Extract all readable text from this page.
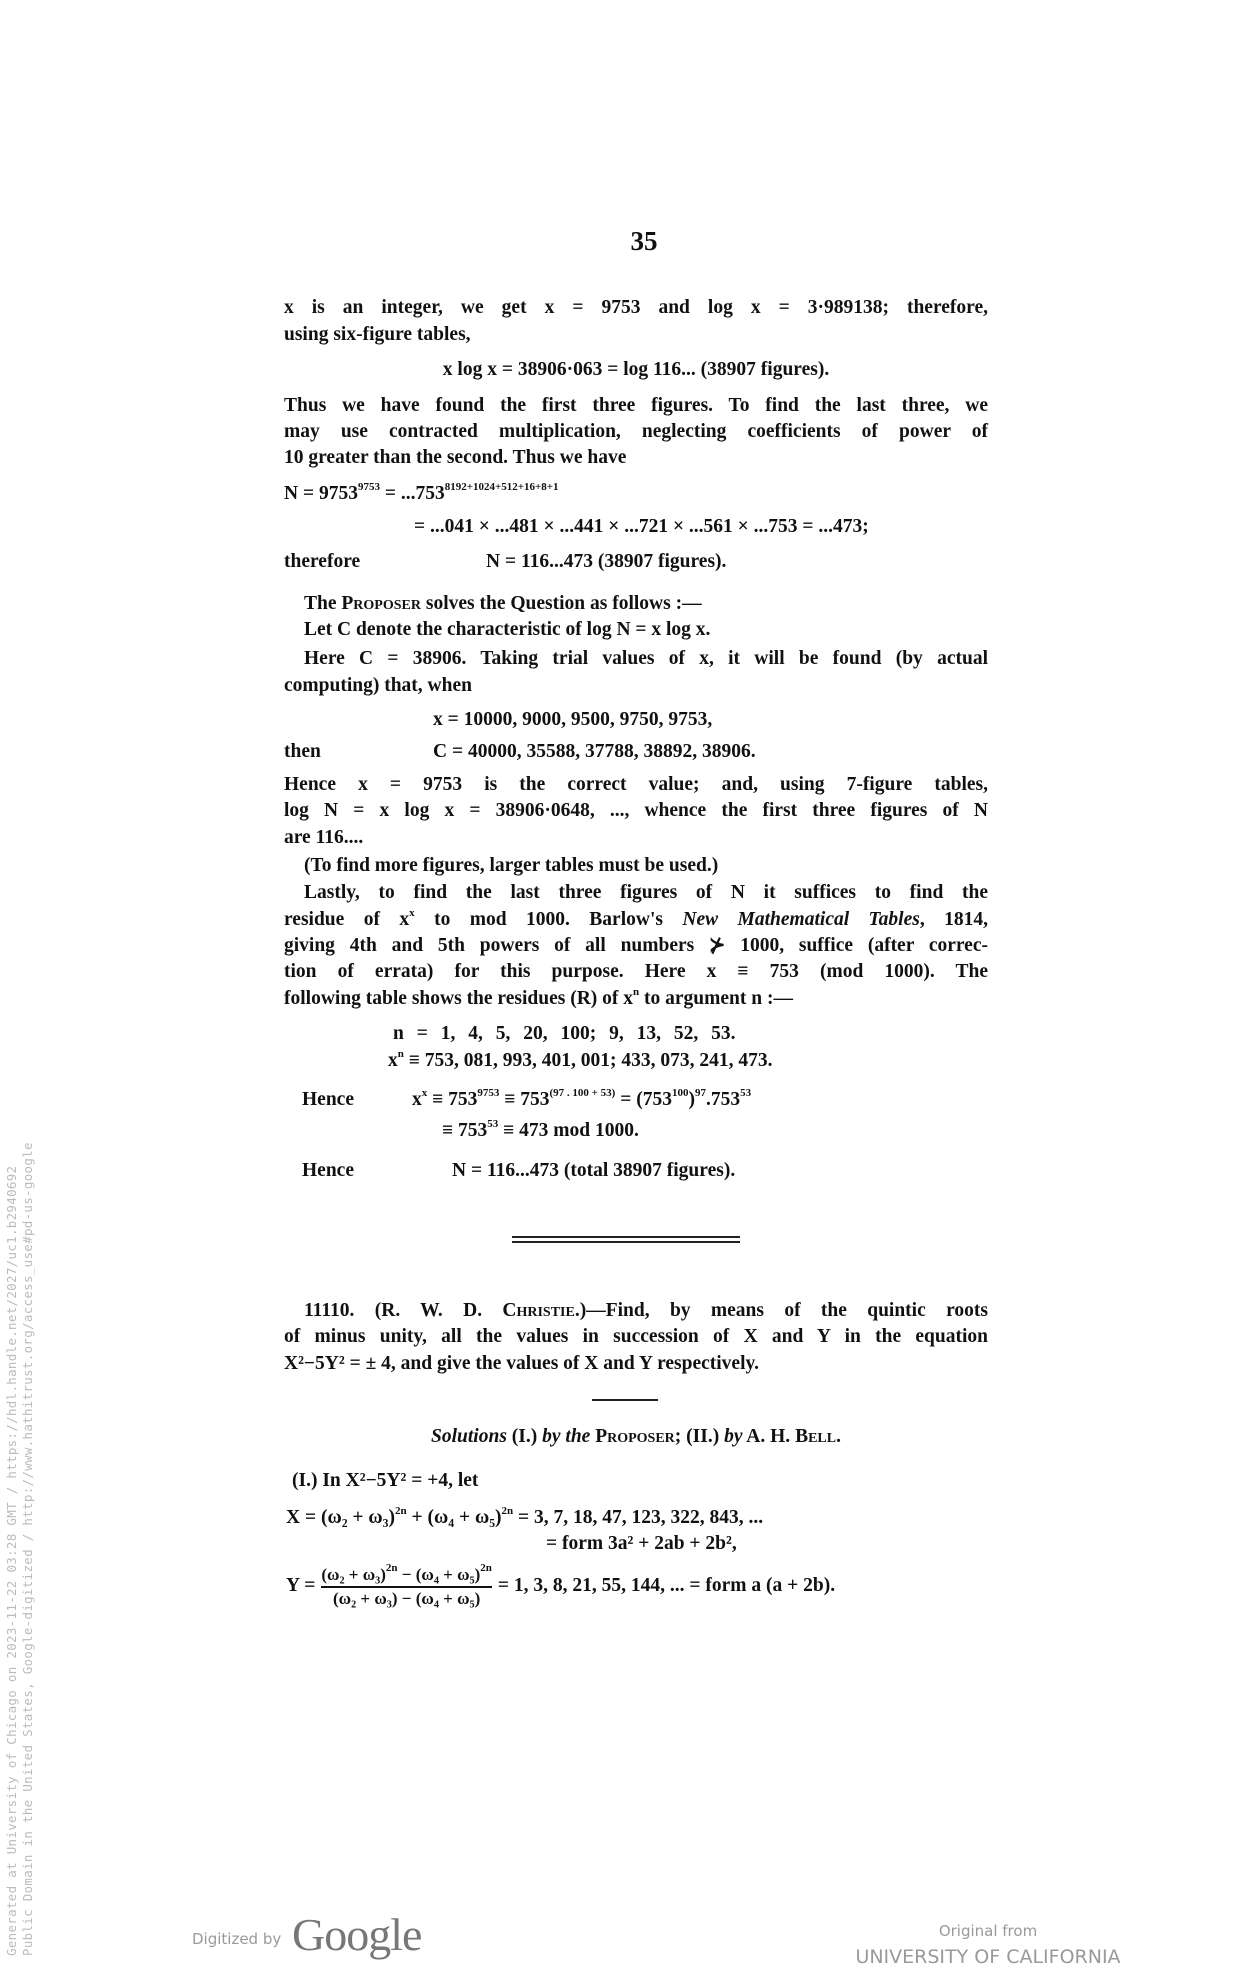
35
x is an integer, we get x = 9753 and log x = 3·989138; therefore,
using six-figure tables,
x log x = 38906·063 = log 116... (38907 figures).
Thus we have found the first three figures. To find the last three, we
may use contracted multiplication, neglecting coefficients of power of
10 greater than the second. Thus we have
$N = 9753^{9753} = ...753^{8192+1024+512+16+8+1}$
= ...041 × ...481 × ...441 × ...721 × ...561 × ...753 = ...473;
therefore	N = 116...473 (38907 figures).
The Proposer solves the Question as follows :—
Let C denote the characteristic of log N = x log x.
Here C = 38906. Taking trial values of x, it will be found (by actual
computing) that, when
x = 10000, 9000, 9500, 9750, 9753,
then	C = 40000, 35588, 37788, 38892, 38906.
Hence x = 9753 is the correct value; and, using 7-figure tables,
log N = x log x = 38906·0648, ..., whence the first three figures of N
are 116....
(To find more figures, larger tables must be used.)
Lastly, to find the last three figures of N it suffices to find the
residue of $x^x$ to mod 1000. Barlow's New Mathematical Tables, 1814,
giving 4th and 5th powers of all numbers ⊁ 1000, suffice (after correc-
tion of errata) for this purpose. Here x ≡ 753 (mod 1000). The
following table shows the residues (R) of $x^n$ to argument n :—
n = 1, 4, 5, 20, 100; 9, 13, 52, 53.
$x^n \equiv 753$, 081, 993, 401, 001; 433, 073, 241, 473.
Hence	$x^x \equiv 753^{9753} \equiv 753^{(97 . 100 + 53)} = (753^{100})^{97}.753^{53}$
≡ $753^{53} \equiv 473$ mod 1000.
Hence	N = 116...473 (total 38907 figures).
11110. (R. W. D. Christie.)—Find, by means of the quintic roots
of minus unity, all the values in succession of X and Y in the equation
X²−5Y² = ± 4, and give the values of X and Y respectively.
Solutions (I.) by the Proposer; (II.) by A. H. Bell.
(I.) In X²−5Y² = +4, let
$X = (\omega_2 + \omega_3)^{2n} + (\omega_4 + \omega_5)^{2n} = 3$, 7, 18, 47, 123, 322, 843, ...
= form 3a² + 2ab + 2b²,
$Y = \frac{(\omega_2 + \omega_3)^{2n} - (\omega_4 + \omega_5)^{2n}}{\text{(ω₂ + ω₃) − (ω₄ + ω₅)}} = 1$, 3, 8, 21, 55, 144, ... = form a (a + 2b).
Generated at University of Chicago on 2023-11-22 03:28 GMT / https://hdl.handle.net/2027/uc1.b2940692 Public Domain in the United States, Google-digitized / http://www.hathitrust.org/access_use#pd-us-google	Digitized by Google	Original from
UNIVERSITY OF CALIFORNIA
